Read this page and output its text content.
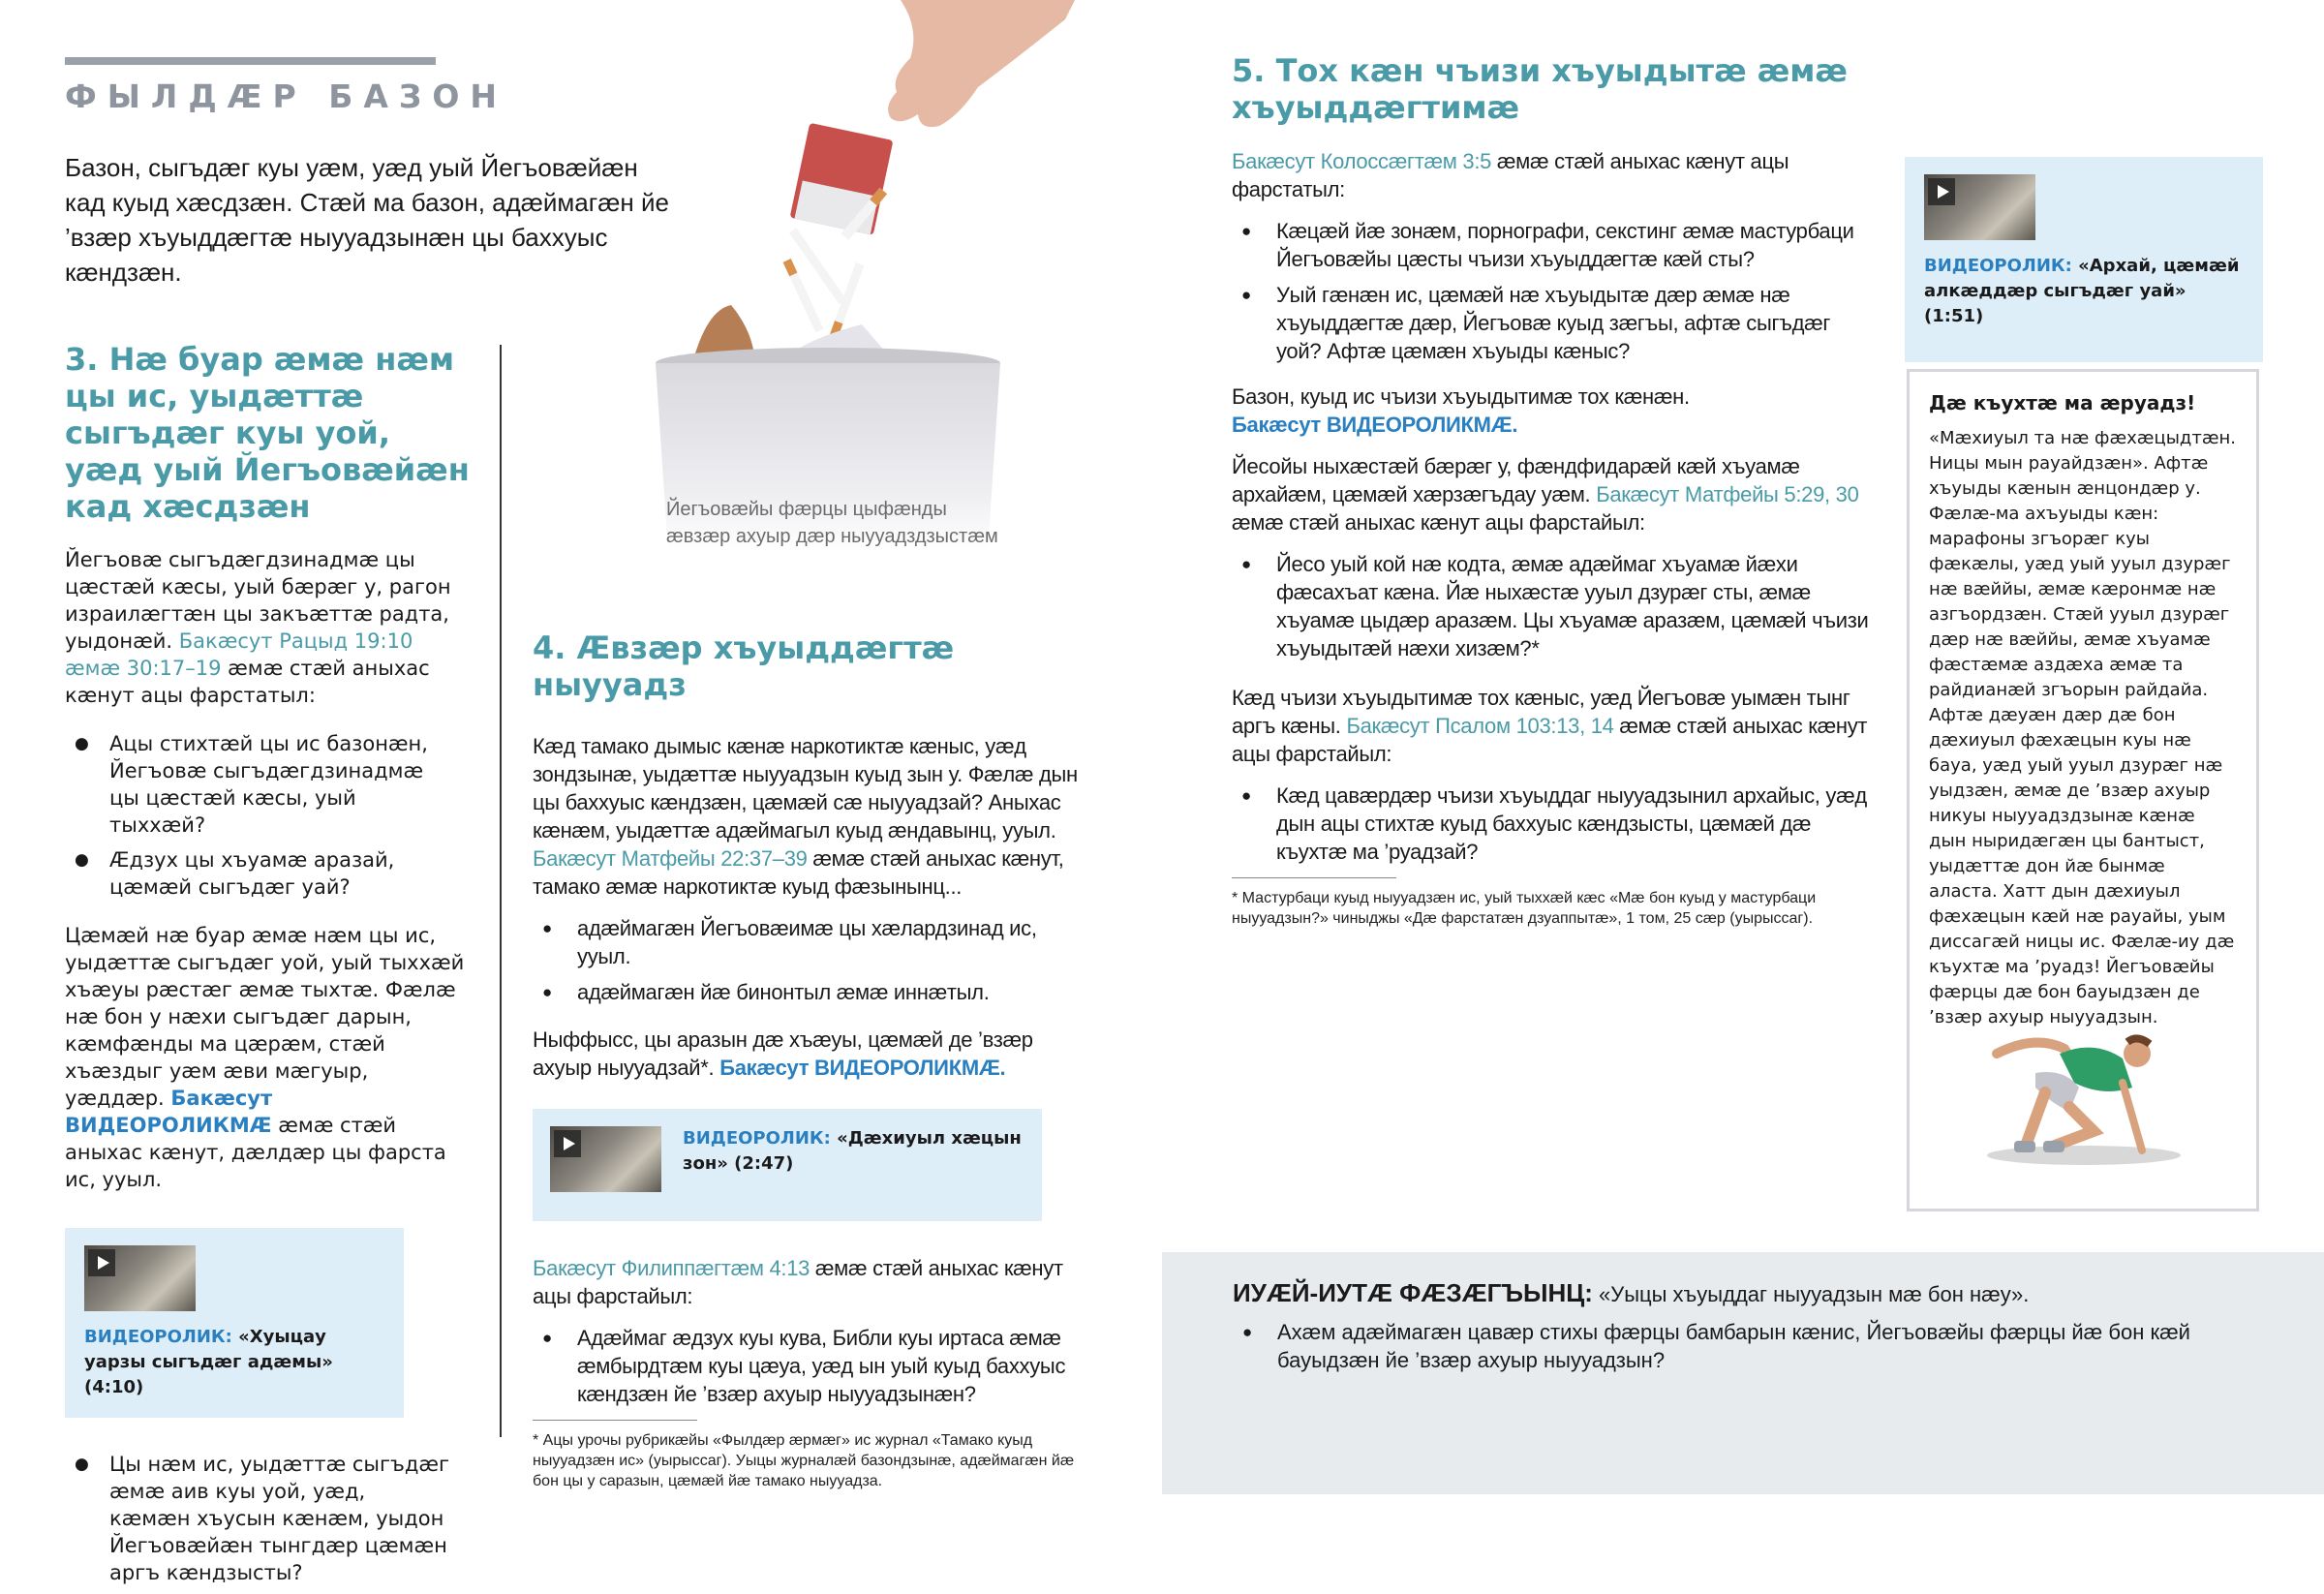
ФЫЛДÆР БАЗОН

Базон, сыгъдæг куы уæм, уæд уый Йегъовæйæн кад куыд хæсдзæн. Стæй ма базон, адæймагæн йе ’взæр хъуыддæгтæ ныууадзынæн цы баххуыс кæндзæн.

Йегъовæйы фæрцы цыфæнды
æвзæр ахуыр дæр ныууадздзыстæм
3. Нæ буар æмæ нæм цы ис, уыдæттæ сыгъдæг куы уой, уæд уый Йегъовæйæн кад хæсдзæн

Йегъовæ сыгъдæгдзинадмæ цы цæстæй кæсы, уый бæрæг у, рагон израилæгтæн цы закъæттæ радта, уыдонæй. Бакæсут Рацыд 19:10 æмæ 30:17–19 æмæ стæй аныхас кæнут ацы фарстатыл:

● Ацы стихтæй цы ис базонæн, Йегъовæ сыгъдæгдзинадмæ цы цæстæй кæсы, уый тыххæй?
● Æдзух цы хъуамæ аразай, цæмæй сыгъдæг уай?

Цæмæй нæ буар æмæ нæм цы ис, уыдæттæ сыгъдæг уой, уый тыххæй хъæуы рæстæг æмæ тыхтæ. Фæлæ нæ бон у нæхи сыгъдæг дарын, кæмфæнды ма цæрæм, стæй хъæздыг уæм æви мæгуыр, уæддæр. Бакæсут ВИДЕОРОЛИКМÆ æмæ стæй аныхас кæнут, дæлдæр цы фарста ис, ууыл.

ВИДЕОРОЛИК: «Хуыцау уарзы сыгъдæг адæмы» (4:10)
● Цы нæм ис, уыдæттæ сыгъдæг æмæ аив куы уой, уæд, кæмæн хъусын кæнæм, уыдон Йегъовæйæн тынгдæр цæмæн аргъ кæндзысты?
4. Æвзæр хъуыддæгтæ ныууадз

Кæд тамако дымыс кæнæ наркотиктæ кæныс, уæд зондзынæ, уыдæттæ ныууадзын куыд зын у. Фæлæ дын цы баххуыс кæндзæн, цæмæй сæ ныууадзай? Аныхас кæнæм, уыдæттæ адæймагыл куыд æндавынц, ууыл. Бакæсут Матфейы 22:37–39 æмæ стæй аныхас кæнут, тамако æмæ наркотиктæ куыд фæзынынц...

● адæймагæн Йегъовæимæ цы хæлардзинад ис, ууыл.
● адæймагæн йæ бинонтыл æмæ иннæтыл.

Ныффысс, цы аразын дæ хъæуы, цæмæй де ’взæр ахуыр ныууадзай*. Бакæсут ВИДЕОРОЛИКМÆ.

ВИДЕОРОЛИК: «Дæхиуыл хæцын зон» (2:47)

Бакæсут Филиппæгтæм 4:13 æмæ стæй аныхас кæнут ацы фарстайыл:

● Адæймаг æдзух куы кува, Библи куы иртаса æмæ æмбырдтæм куы цæуа, уæд ын уый куыд баххуыс кæндзæн йе ’взæр ахуыр ныууадзынæн?

* Ацы урочы рубрикæйы «Фылдæр æрмæг» ис журнал «Тамако куыд ныууадзæн ис» (уырыссаг). Уыцы журналæй базондзынæ, адæймагæн йæ бон цы у саразын, цæмæй йæ тамако ныууадза.

5. Тох кæн чъизи хъуыдытæ æмæ хъуыддæгтимæ

Бакæсут Колоссæгтæм 3:5 æмæ стæй аныхас кæнут ацы фарстатыл:

● Кæцæй йæ зонæм, порнографи, секстинг æмæ мастурбаци Йегъовæйы цæсты чъизи хъуыддæгтæ кæй сты?
● Уый гæнæн ис, цæмæй нæ хъуыдытæ дæр æмæ нæ хъуыддæгтæ дæр, Йегъовæ куыд зæгъы, афтæ сыгъдæг уой? Афтæ цæмæн хъуыды кæныс?

Базон, куыд ис чъизи хъуыдытимæ тох кæнæн.
Бакæсут ВИДЕОРОЛИКМÆ.

Йесойы ныхæстæй бæрæг у, фæндфидарæй кæй хъуамæ архайæм, цæмæй хæрзæгъдау уæм. Бакæсут Матфейы 5:29, 30 æмæ стæй аныхас кæнут ацы фарстайыл:

● Йесо уый кой нæ кодта, æмæ адæймаг хъуамæ йæхи фæсахъат кæна. Йæ ныхæстæ ууыл дзурæг сты, æмæ хъуамæ цыдæр аразæм. Цы хъуамæ аразæм, цæмæй чъизи хъуыдытæй нæхи хизæм?*

Кæд чъизи хъуыдытимæ тох кæныс, уæд Йегъовæ уымæн тынг аргъ кæны. Бакæсут Псалом 103:13, 14 æмæ стæй аныхас кæнут ацы фарстайыл:

● Кæд цавæрдæр чъизи хъуыддаг ныууадзынил архайыс, уæд дын ацы стихтæ куыд баххуыс кæндзысты, цæмæй дæ къухтæ ма ’руадзай?

* Мастурбаци куыд ныууадзæн ис, уый тыххæй кæс «Мæ бон куыд у мастурбаци ныууадзын?» чиныджы «Дæ фарстатæн дзуаппытæ», 1 том, 25 сæр (уырыссаг).

ВИДЕОРОЛИК: «Архай, цæмæй алкæддæр сыгъдæг уай» (1:51)
Дæ къухтæ ма æруадз!

«Мæхиуыл та нæ фæхæцыдтæн. Ницы мын рауайдзæн». Афтæ хъуыды кæнын æнцондæр у. Фæлæ-ма ахъуыды кæн: марафоны згъорæг куы фæкæлы, уæд уый ууыл дзурæг нæ вæййы, æмæ кæронмæ нæ азгъордзæн. Стæй ууыл дзурæг дæр нæ вæййы, æмæ хъуамæ фæстæмæ аздæха æмæ та райдианæй згъорын райдайа. Афтæ дæуæн дæр дæ бон дæхиуыл фæхæцын куы нæ бауа, уæд уый ууыл дзурæг нæ уыдзæн, æмæ де ’взæр ахуыр никуы ныууадздзынæ кæнæ дын ныридæгæн цы бантыст, уыдæттæ дон йæ бынмæ аласта. Хатт дын дæхиуыл фæхæцын кæй нæ рауайы, уым диссагæй ницы ис. Фæлæ-иу дæ къухтæ ма ’руадз! Йегъовæйы фæрцы дæ бон бауыдзæн де ’взæр ахуыр ныууадзын.

ИУÆЙ-ИУТÆ ФÆЗÆГЪЫНЦ: «Уыцы хъуыддаг ныууадзын мæ бон нæу».

● Ахæм адæймагæн цавæр стихы фæрцы бамбарын кæнис, Йегъовæйы фæрцы йæ бон кæй бауыдзæн йе ’взæр ахуыр ныууадзын?
